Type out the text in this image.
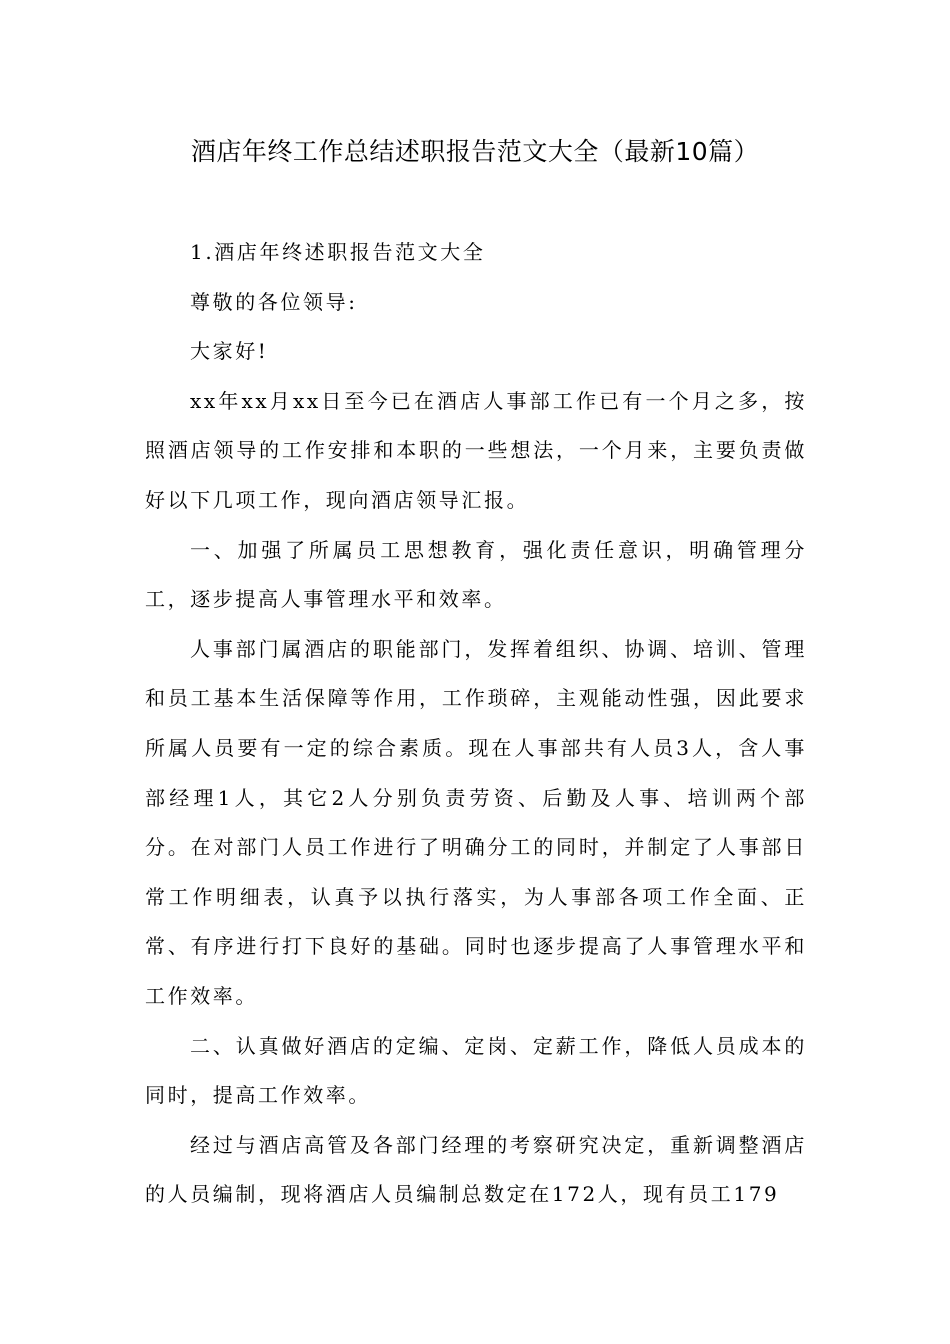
酒店年终工作总结述职报告范文大全（最新10篇）

1.酒店年终述职报告范文大全

尊敬的各位领导:

大家好!

xx年xx月xx日至今已在酒店人事部工作已有一个月之多，按照酒店领导的工作安排和本职的一些想法，一个月来，主要负责做好以下几项工作，现向酒店领导汇报。

一、加强了所属员工思想教育，强化责任意识，明确管理分工，逐步提高人事管理水平和效率。

人事部门属酒店的职能部门，发挥着组织、协调、培训、管理和员工基本生活保障等作用，工作琐碎，主观能动性强，因此要求所属人员要有一定的综合素质。现在人事部共有人员3人，含人事部经理1人，其它2人分别负责劳资、后勤及人事、培训两个部分。在对部门人员工作进行了明确分工的同时，并制定了人事部日常工作明细表，认真予以执行落实，为人事部各项工作全面、正常、有序进行打下良好的基础。同时也逐步提高了人事管理水平和工作效率。

二、认真做好酒店的定编、定岗、定薪工作，降低人员成本的同时，提高工作效率。

经过与酒店高管及各部门经理的考察研究决定，重新调整酒店的人员编制，现将酒店人员编制总数定在172人，现有员工179
